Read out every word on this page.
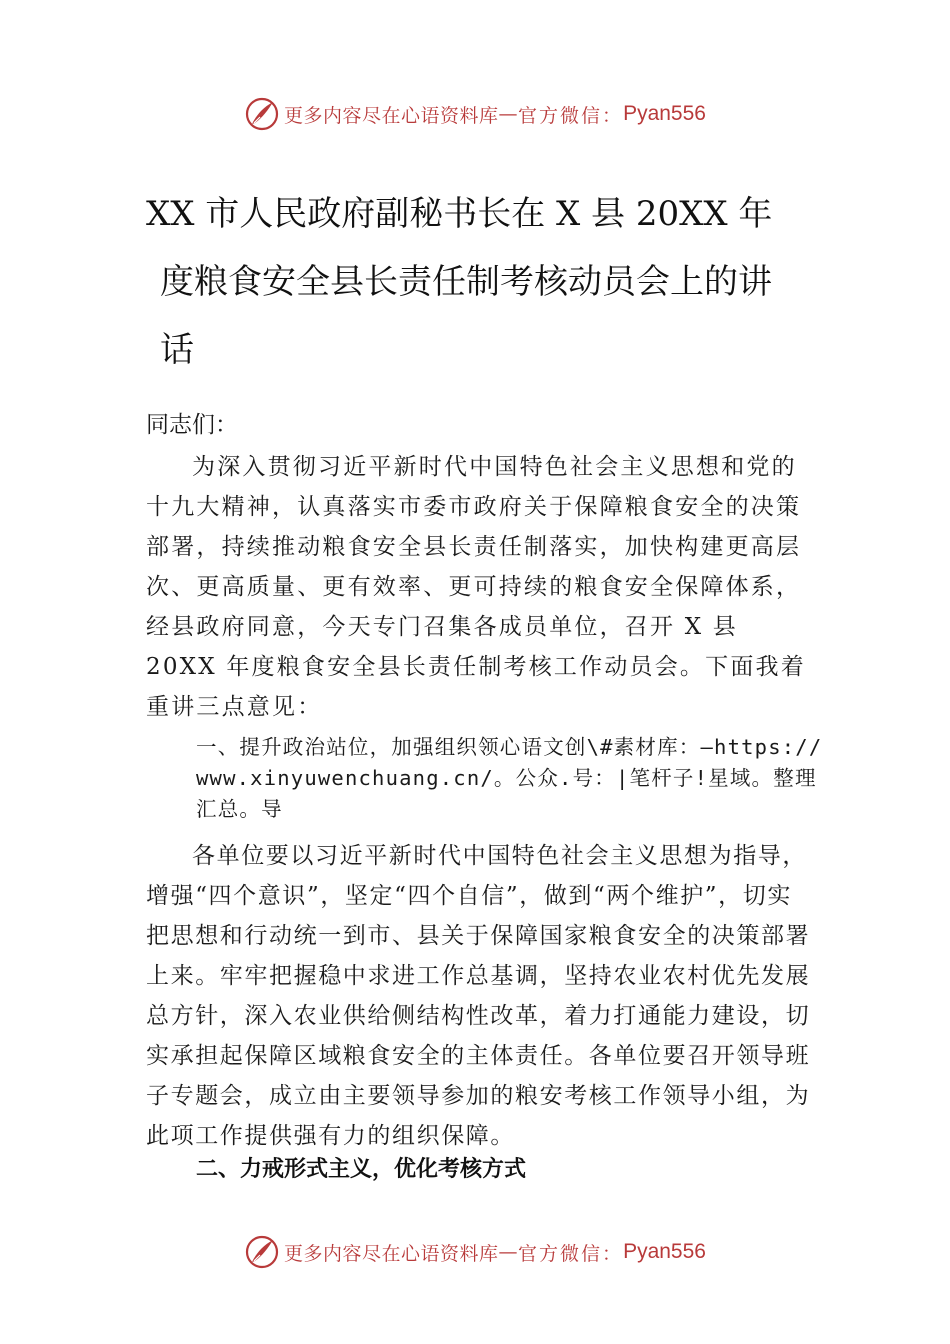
更多内容尽在心语资料库 — 官方微信： Pyan556
XX 市人民政府副秘书长在 X 县 20XX 年
度粮食安全县长责任制考核动员会上的讲
话
同志们：
为深入贯彻习近平新时代中国特色社会主义思想和党的十九大精神，认真落实市委市政府关于保障粮食安全的决策部署，持续推动粮食安全县长责任制落实，加快构建更高层次、更高质量、更有效率、更可持续的粮食安全保障体系，经县政府同意，今天专门召集各成员单位，召开 X 县 20XX 年度粮食安全县长责任制考核工作动员会。下面我着重讲三点意见：
一、提升政治站位，加强组织领心语文创\#素材库：—https://www.xinyuwenchuang.cn/。公众.号：|笔杆子!星域。整理汇总。导
各单位要以习近平新时代中国特色社会主义思想为指导，增强“四个意识”，坚定“四个自信”，做到“两个维护”，切实把思想和行动统一到市、县关于保障国家粮食安全的决策部署上来。牢牢把握稳中求进工作总基调，坚持农业农村优先发展总方针，深入农业供给侧结构性改革，着力打通能力建设，切实承担起保障区域粮食安全的主体责任。各单位要召开领导班子专题会，成立由主要领导参加的粮安考核工作领导小组，为此项工作提供强有力的组织保障。
二、力戒形式主义，优化考核方式
更多内容尽在心语资料库 — 官方微信： Pyan556
